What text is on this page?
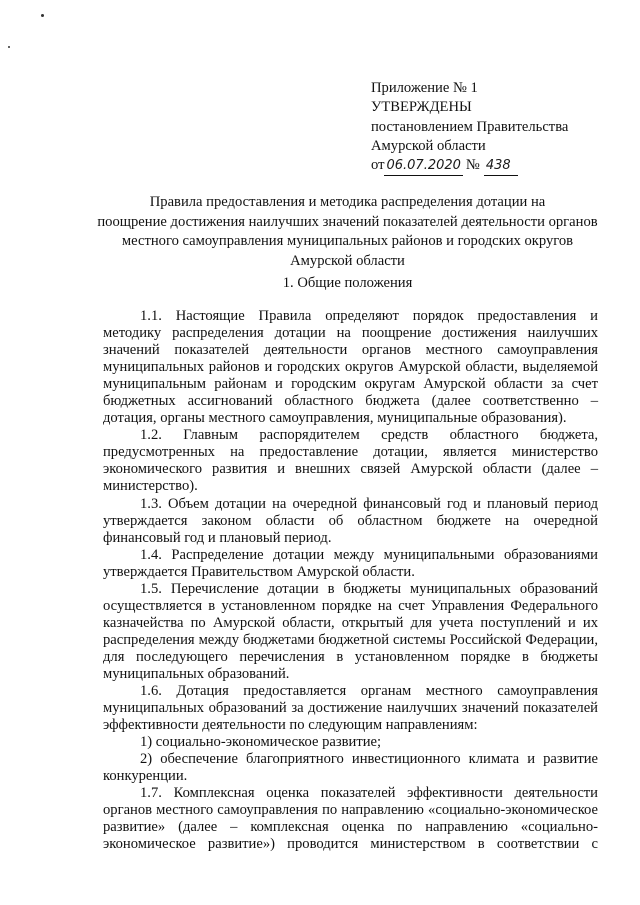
Приложение № 1
УТВЕРЖДЕНЫ
постановлением Правительства
Амурской области
от 06.07.2020 № 438
Правила предоставления и методика распределения дотации на
поощрение достижения наилучших значений показателей деятельности органов
местного самоуправления муниципальных районов и городских округов
Амурской области
1. Общие положения

1.1. Настоящие Правила определяют порядок предоставления и методику распределения дотации на поощрение достижения наилучших значений показателей деятельности органов местного самоуправления муниципальных районов и городских округов Амурской области, выделяемой муниципальным районам и городским округам Амурской области за счет бюджетных ассигнований областного бюджета (далее соответственно – дотация, органы местного самоуправления, муниципальные образования).

1.2. Главным распорядителем средств областного бюджета, предусмотренных на предоставление дотации, является министерство экономического развития и внешних связей Амурской области (далее – министерство).

1.3. Объем дотации на очередной финансовый год и плановый период утверждается законом области об областном бюджете на очередной финансовый год и плановый период.

1.4. Распределение дотации между муниципальными образованиями утверждается Правительством Амурской области.

1.5. Перечисление дотации в бюджеты муниципальных образований осуществляется в установленном порядке на счет Управления Федерального казначейства по Амурской области, открытый для учета поступлений и их распределения между бюджетами бюджетной системы Российской Федерации, для последующего перечисления в установленном порядке в бюджеты муниципальных образований.

1.6. Дотация предоставляется органам местного самоуправления муниципальных образований за достижение наилучших значений показателей эффективности деятельности по следующим направлениям:

1) социально-экономическое развитие;

2) обеспечение благоприятного инвестиционного климата и развитие конкуренции.

1.7. Комплексная оценка показателей эффективности деятельности органов местного самоуправления по направлению «социально-экономическое развитие» (далее – комплексная оценка по направлению «социально-экономическое развитие») проводится министерством в соответствии с
